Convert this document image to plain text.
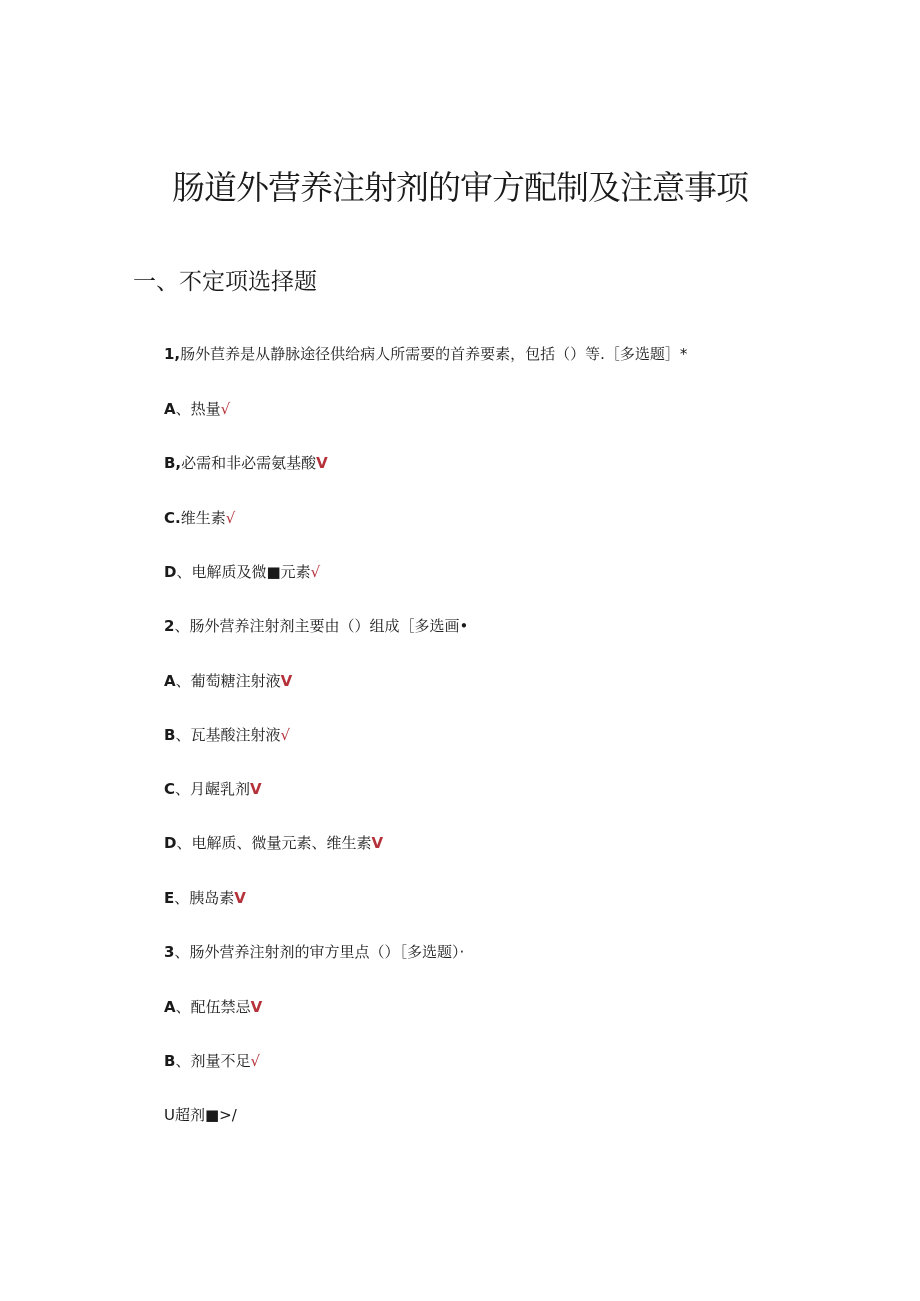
肠道外营养注射剂的审方配制及注意事项
一、不定项选择题
1,肠外苣养是从静脉途径供给病人所需要的首养要素，包括（）等.［多选题］*
A、热量√
B,必需和非必需氨基酸V
C.维生素√
D、电解质及微■元素√
2、肠外营养注射剂主要由（）组成［多选画•
A、葡萄糖注射液V
B、瓦基酸注射液√
C、月龌乳剂V
D、电解质、微量元素、维生素V
E、胰岛素V
3、肠外营养注射剂的审方里点（）［多选题）·
A、配伍禁忌V
B、剂量不足√
U超剂■>/
